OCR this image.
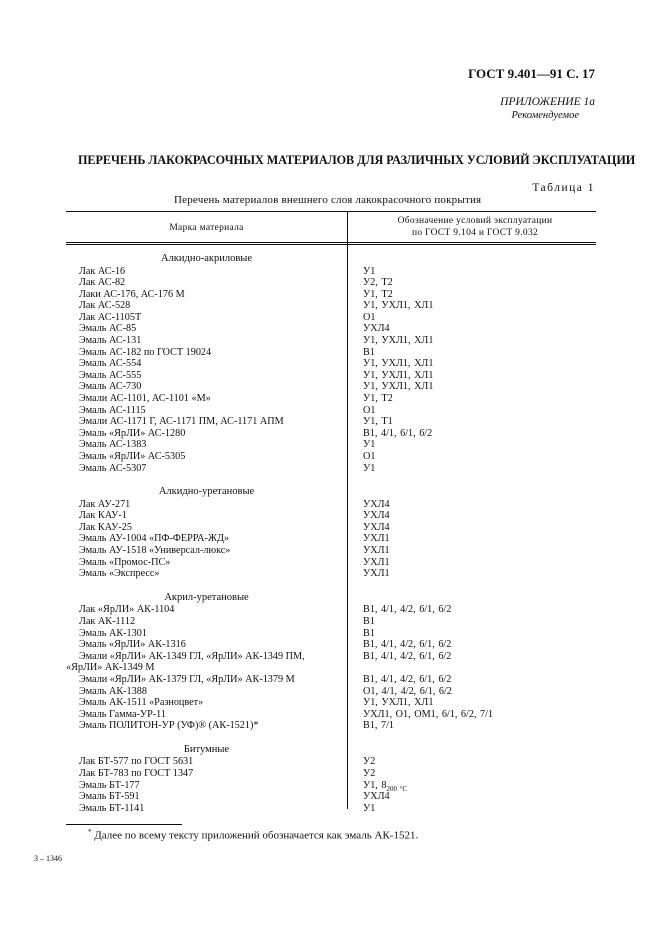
ГОСТ 9.401—91 С. 17
ПРИЛОЖЕНИЕ 1а
Рекомендуемое
ПЕРЕЧЕНЬ ЛАКОКРАСОЧНЫХ МАТЕРИАЛОВ ДЛЯ РАЗЛИЧНЫХ УСЛОВИЙ ЭКСПЛУАТАЦИИ
Таблица 1
Перечень материалов внешнего слоя лакокрасочного покрытия
Марка материала
Обозначение условий эксплуатации
по ГОСТ 9.104 и ГОСТ 9.032
Алкидно-акриловые
Лак АС-16	У1
Лак АС-82	У2, Т2
Лаки АС-176, АС-176 М	У1, Т2
Лак АС-528	У1, УХЛ1, ХЛ1
Лак АС-1105Т	О1
Эмаль АС-85	УХЛ4
Эмаль АС-131	У1, УХЛ1, ХЛ1
Эмаль АС-182 по ГОСТ 19024	В1
Эмаль АС-554	У1, УХЛ1, ХЛ1
Эмаль АС-555	У1, УХЛ1, ХЛ1
Эмаль АС-730	У1, УХЛ1, ХЛ1
Эмали АС-1101, АС-1101 «М»	У1, Т2
Эмаль АС-1115	О1
Эмали АС-1171 Г, АС-1171 ПМ, АС-1171 АПМ	У1, Т1
Эмаль «ЯрЛИ» АС-1280	В1, 4/1, 6/1, 6/2
Эмаль АС-1383	У1
Эмаль «ЯрЛИ» АС-5305	О1
Эмаль АС-5307	У1
Алкидно-уретановые
Лак АУ-271	УХЛ4
Лак КАУ-1	УХЛ4
Лак КАУ-25	УХЛ4
Эмаль АУ-1004 «ПФ-ФЕРРА-ЖД»	УХЛ1
Эмаль АУ-1518 «Универсал-люкс»	УХЛ1
Эмаль «Промос-ПС»	УХЛ1
Эмаль «Экспресс»	УХЛ1
Акрил-уретановые
Лак «ЯрЛИ» АК-1104	В1, 4/1, 4/2, 6/1, 6/2
Лак АК-1112	В1
Эмаль АК-1301	В1
Эмаль «ЯрЛИ» АК-1316	В1, 4/1, 4/2, 6/1, 6/2
Эмали «ЯрЛИ» АК-1349 ГЛ, «ЯрЛИ» АК-1349 ПМ,	В1, 4/1, 4/2, 6/1, 6/2
«ЯрЛИ» АК-1349 М
Эмали «ЯрЛИ» АК-1379 ГЛ, «ЯрЛИ» АК-1379 М	В1, 4/1, 4/2, 6/1, 6/2
Эмаль АК-1388	О1, 4/1, 4/2, 6/1, 6/2
Эмаль АК-1511 «Разноцвет»	У1, УХЛ1, ХЛ1
Эмаль Гамма-УР-11	УХЛ1, О1, ОМ1, 6/1, 6/2, 7/1
Эмаль ПОЛИТОН-УР (УФ)® (АК-1521)*	В1, 7/1
Битумные
Лак БТ-577 по ГОСТ 5631	У2
Лак БТ-783 по ГОСТ 1347	У2
Эмаль БТ-177	У1, $8_{200 ^\circ С}$
Эмаль БТ-591	УХЛ4
Эмаль БТ-1141	У1
* Далее по всему тексту приложений обозначается как эмаль АК-1521.
3 – 1346
